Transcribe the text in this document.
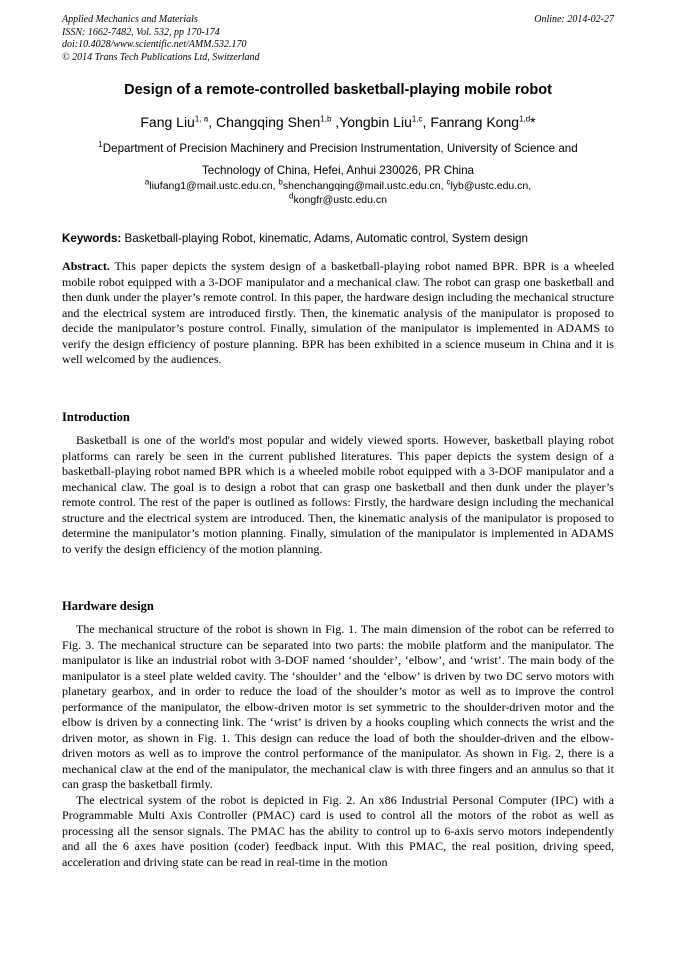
Applied Mechanics and Materials
ISSN: 1662-7482, Vol. 532, pp 170-174
doi:10.4028/www.scientific.net/AMM.532.170
© 2014 Trans Tech Publications Ltd, Switzerland
Online: 2014-02-27
Design of a remote-controlled basketball-playing mobile robot
Fang Liu$^{1, a}$, Changqing Shen$^{1,b}$ ,Yongbin Liu$^{1,c}$, Fanrang Kong$^{1,d}$*
$^1$Department of Precision Machinery and Precision Instrumentation, University of Science and
Technology of China, Hefei, Anhui 230026, PR China
$^a$liufang1@mail.ustc.edu.cn, $^b$shenchangqing@mail.ustc.edu.cn, $^c$lyb@ustc.edu.cn,
$^d$kongfr@ustc.edu.cn
Keywords: Basketball-playing Robot, kinematic, Adams, Automatic control, System design

Abstract. This paper depicts the system design of a basketball-playing robot named BPR. BPR is a wheeled mobile robot equipped with a 3-DOF manipulator and a mechanical claw. The robot can grasp one basketball and then dunk under the player’s remote control. In this paper, the hardware design including the mechanical structure and the electrical system are introduced firstly. Then, the kinematic analysis of the manipulator is proposed to decide the manipulator’s posture control. Finally, simulation of the manipulator is implemented in ADAMS to verify the design efficiency of posture planning. BPR has been exhibited in a science museum in China and it is well welcomed by the audiences.

Introduction

Basketball is one of the world's most popular and widely viewed sports. However, basketball playing robot platforms can rarely be seen in the current published literatures. This paper depicts the system design of a basketball-playing robot named BPR which is a wheeled mobile robot equipped with a 3-DOF manipulator and a mechanical claw. The goal is to design a robot that can grasp one basketball and then dunk under the player’s remote control. The rest of the paper is outlined as follows: Firstly, the hardware design including the mechanical structure and the electrical system are introduced. Then, the kinematic analysis of the manipulator is proposed to determine the manipulator’s motion planning. Finally, simulation of the manipulator is implemented in ADAMS to verify the design efficiency of the motion planning.

Hardware design

The mechanical structure of the robot is shown in Fig. 1. The main dimension of the robot can be referred to Fig. 3. The mechanical structure can be separated into two parts: the mobile platform and the manipulator. The manipulator is like an industrial robot with 3-DOF named ‘shoulder’, ‘elbow’, and ‘wrist’. The main body of the manipulator is a steel plate welded cavity. The ‘shoulder’ and the ‘elbow’ is driven by two DC servo motors with planetary gearbox, and in order to reduce the load of the shoulder’s motor as well as to improve the control performance of the manipulator, the elbow-driven motor is set symmetric to the shoulder-driven motor and the elbow is driven by a connecting link. The ‘wrist’ is driven by a hooks coupling which connects the wrist and the driven motor, as shown in Fig. 1. This design can reduce the load of both the shoulder-driven and the elbow-driven motors as well as to improve the control performance of the manipulator. As shown in Fig. 2, there is a mechanical claw at the end of the manipulator, the mechanical claw is with three fingers and an annulus so that it can grasp the basketball firmly.

The electrical system of the robot is depicted in Fig. 2. An x86 Industrial Personal Computer (IPC) with a Programmable Multi Axis Controller (PMAC) card is used to control all the motors of the robot as well as processing all the sensor signals. The PMAC has the ability to control up to 6-axis servo motors independently and all the 6 axes have position (coder) feedback input. With this PMAC, the real position, driving speed, acceleration and driving state can be read in real-time in the motion
